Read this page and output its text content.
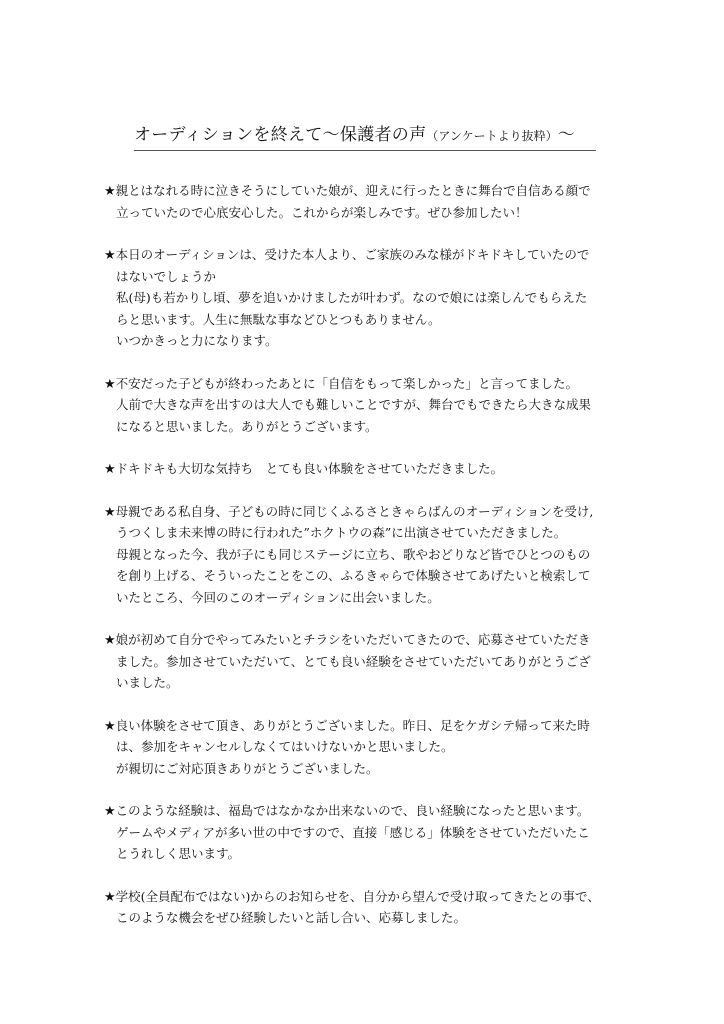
オーディションを終えて〜保護者の声（アンケートより抜粋）〜
★親とはなれる時に泣きそうにしていた娘が、迎えに行ったときに舞台で自信ある顔で
立っていたので心底安心した。これからが楽しみです。ぜひ参加したい！
★本日のオーディションは、受けた本人より、ご家族のみな様がドキドキしていたので
はないでしょうか
私(母)も若かりし頃、夢を追いかけましたが叶わず。なので娘には楽しんでもらえた
らと思います。人生に無駄な事などひとつもありません。
いつかきっと力になります。
★不安だった子どもが終わったあとに「自信をもって楽しかった」と言ってました。
人前で大きな声を出すのは大人でも難しいことですが、舞台でもできたら大きな成果
になると思いました。ありがとうございます。
★ドキドキも大切な気持ち　とても良い体験をさせていただきました。
★母親である私自身、子どもの時に同じくふるさときゃらばんのオーディションを受け,
うつくしま未来博の時に行われた”ホクトウの森”に出演させていただきました。
母親となった今、我が子にも同じステージに立ち、歌やおどりなど皆でひとつのもの
を創り上げる、そういったことをこの、ふるきゃらで体験させてあげたいと検索して
いたところ、今回のこのオーディションに出会いました。
★娘が初めて自分でやってみたいとチラシをいただいてきたので、応募させていただき
ました。参加させていただいて、とても良い経験をさせていただいてありがとうござ
いました。
★良い体験をさせて頂き、ありがとうございました。昨日、足をケガシテ帰って来た時
は、参加をキャンセルしなくてはいけないかと思いました。
が親切にご対応頂きありがとうございました。
★このような経験は、福島ではなかなか出来ないので、良い経験になったと思います。
ゲームやメディアが多い世の中ですので、直接「感じる」体験をさせていただいたこ
とうれしく思います。
★学校(全員配布ではない)からのお知らせを、自分から望んで受け取ってきたとの事で、
このような機会をぜひ経験したいと話し合い、応募しました。
